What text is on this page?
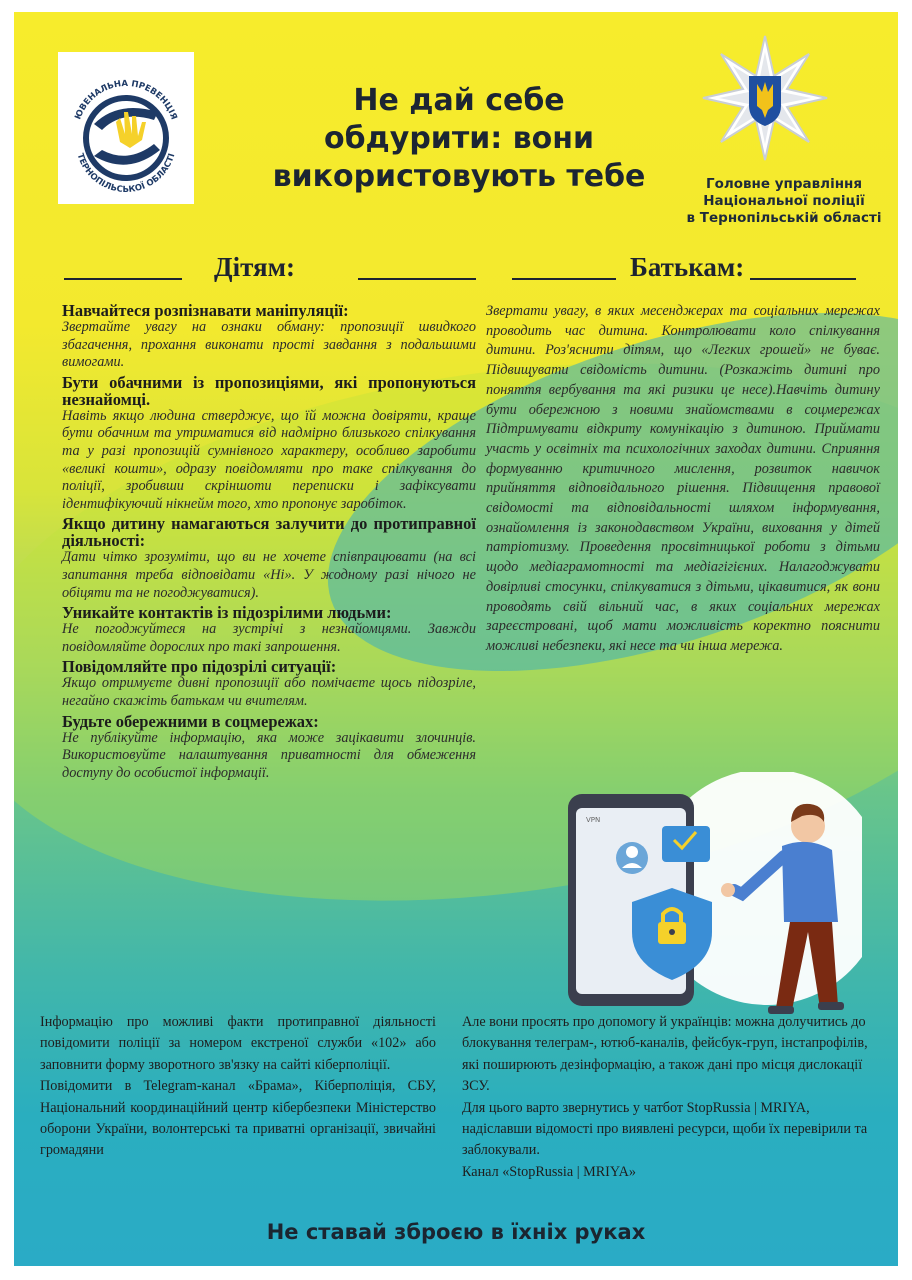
ЮВЕНАЛЬНА ПРЕВЕНЦІЯ
ТЕРНОПІЛЬСЬКОЇ ОБЛАСТІ
Не дай себе
обдурити: вони
використовують тебе	Головне управління
Національної поліції
в Тернопільській області
Дітям:	Батькам:
Навчайтеся розпізнавати маніпуляції:

Звертайте увагу на ознаки обману: пропозиції швидкого збагачення, прохання виконати прості завдання з подальшими вимогами.

Бути обачними із пропозиціями, які пропонуються незнайомці.

Навіть якщо людина стверджує, що їй можна довіряти, краще бути обачним та утриматися від надмірно близького спілкування та у разі пропозицій сумнівного характеру, особливо заробити «великі кошти», одразу повідомляти про таке спілкування до поліції, зробивши скріншоти переписки і зафіксувати ідентифікуючий нікнейм того, хто пропонує заробіток.

Якщо дитину намагаються залучити до протиправної діяльності:

Дати чітко зрозуміти, що ви не хочете співпрацювати (на всі запитання треба відповідати «Ні». У жодному разі нічого не обіцяти та не погоджуватися).

Уникайте контактів із підозрілими людьми:

Не погоджуйтеся на зустрічі з незнайомцями. Завжди повідомляйте дорослих про такі запрошення.

Повідомляйте про підозрілі ситуації:

Якщо отримуєте дивні пропозиції або помічаєте щось підозріле, негайно скажіть батькам чи вчителям.

Будьте обережними в соцмережах:

Не публікуйте інформацію, яка може зацікавити злочинців. Використовуйте налаштування приватності для обмеження доступу до особистої інформації.

Звертати увагу, в яких месенджерах та соціальних мережах проводить час дитина. Контролювати коло спілкування дитини. Роз'яснити дітям, що «Легких грошей» не буває. Підвищувати свідомість дитини. (Розкажіть дитині про поняття вербування та які ризики це несе).Навчіть дитину бути обережною з новими знайомствами в соцмережах Підтримувати відкриту комунікацію з дитиною. Приймати участь у освітніх та психологічних заходах дитини. Сприяння формуванню критичного мислення, розвиток навичок прийняття відповідального рішення. Підвищення правової свідомості та відповідальності шляхом інформування, ознайомлення із законодавством України, виховання у дітей патріотизму. Проведення просвітницької роботи з дітьми щодо медіаграмотності та медіагігієних. Налагоджувати довірливі стосунки, спілкуватися з дітьми, цікавитися, як вони проводять свій вільний час, в яких соціальних мережах зареєстровані, щоб мати можливість коректно пояснити можливі небезпеки, які несе та чи інша мережа.
VPN

Інформацію про можливі факти протиправної діяльності повідомити поліції за номером екстреної служби «102» або заповнити форму зворотного зв'язку на сайті кіберполіції.

Повідомити в Telegram-канал «Брама», Кіберполіція, СБУ, Національний координаційний центр кібербезпеки Міністерство оборони України, волонтерські та приватні організації, звичайні громадяни

Але вони просять про допомогу й українців: можна долучитись до блокування телеграм-, ютюб-каналів, фейсбук-груп, інстапрофілів, які поширюють дезінформацію, а також дані про місця дислокації ЗСУ.

Для цього варто звернутись у чатбот StopRussia | MRIYA, надіславши відомості про виявлені ресурси, щоби їх перевірили та заблокували.

Канал «StopRussia | MRIYA»

Не ставай зброєю в їхніх руках
